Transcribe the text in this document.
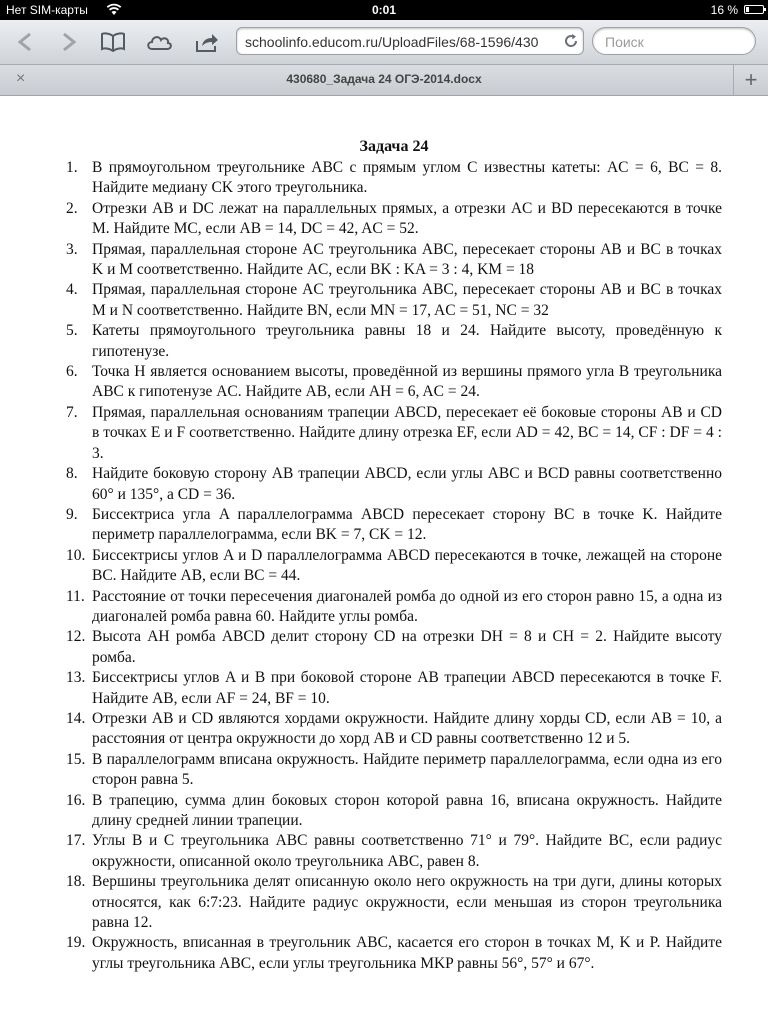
Нет SIM-карты	0:01	16 %
schoolinfo.educom.ru/UploadFiles/68-1596/430
Поиск
×	430680_Задача 24 ОГЭ-2014.docx	+
Задача 24
1. В прямоугольном треугольнике ABC с прямым углом C известны катеты: AC = 6, BC = 8. Найдите медиану CK этого треугольника.
2. Отрезки AB и DC лежат на параллельных прямых, а отрезки AC и BD пересекаются в точке M. Найдите MC, если AB = 14, DC = 42, AC = 52.
3. Прямая, параллельная стороне AC треугольника ABC, пересекает стороны AB и BC в точках K и M соответственно. Найдите AC, если BK : KA = 3 : 4, KM = 18
4. Прямая, параллельная стороне AC треугольника ABC, пересекает стороны AB и BC в точках M и N соответственно. Найдите BN, если MN = 17, AC = 51, NC = 32
5. Катеты прямоугольного треугольника равны 18 и 24. Найдите высоту, проведённую к гипотенузе.
6. Точка H является основанием высоты, проведённой из вершины прямого угла B треугольника ABC к гипотенузе AC. Найдите AB, если AH = 6, AC = 24.
7. Прямая, параллельная основаниям трапеции ABCD, пересекает её боковые стороны AB и CD в точках E и F соответственно. Найдите длину отрезка EF, если AD = 42, BC = 14, CF : DF = 4 : 3.
8. Найдите боковую сторону AB трапеции ABCD, если углы ABC и BCD равны соответственно 60° и 135°, а CD = 36.
9. Биссектриса угла A параллелограмма ABCD пересекает сторону BC в точке K. Найдите периметр параллелограмма, если BK = 7, CK = 12.
10. Биссектрисы углов A и D параллелограмма ABCD пересекаются в точке, лежащей на стороне BC. Найдите AB, если BC = 44.
11. Расстояние от точки пересечения диагоналей ромба до одной из его сторон равно 15, а одна из диагоналей ромба равна 60. Найдите углы ромба.
12. Высота AH ромба ABCD делит сторону CD на отрезки DH = 8 и CH = 2. Найдите высоту ромба.
13. Биссектрисы углов A и B при боковой стороне AB трапеции ABCD пересекаются в точке F. Найдите AB, если AF = 24, BF = 10.
14. Отрезки AB и CD являются хордами окружности. Найдите длину хорды CD, если AB = 10, а расстояния от центра окружности до хорд AB и CD равны соответственно 12 и 5.
15. В параллелограмм вписана окружность. Найдите периметр параллелограмма, если одна из его сторон равна 5.
16. В трапецию, сумма длин боковых сторон которой равна 16, вписана окружность. Найдите длину средней линии трапеции.
17. Углы B и C треугольника ABC равны соответственно 71° и 79°. Найдите BC, если радиус окружности, описанной около треугольника ABC, равен 8.
18. Вершины треугольника делят описанную около него окружность на три дуги, длины которых относятся, как 6:7:23. Найдите радиус окружности, если меньшая из сторон треугольника равна 12.
19. Окружность, вписанная в треугольник ABC, касается его сторон в точках M, K и P. Найдите углы треугольника ABC, если углы треугольника MKP равны 56°, 57° и 67°.
